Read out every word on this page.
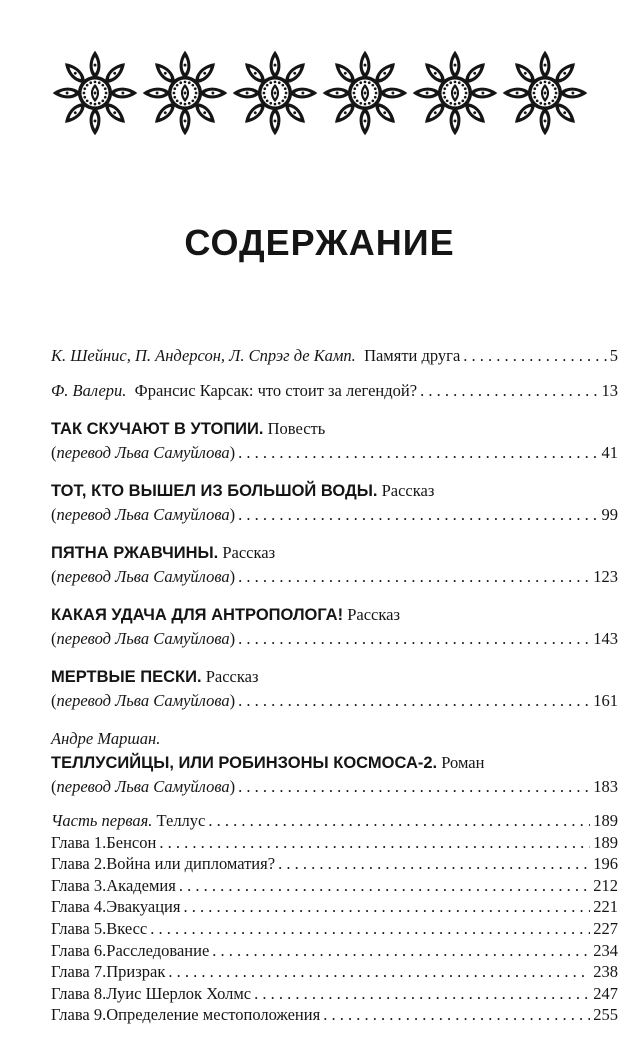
СОДЕРЖАНИЕ
К. Шейнис, П. Андерсон, Л. Спрэг де Камп.
Памяти друга . . .	5
Ф. Валери.
Франсис Карсак: что стоит за легендой? . . .	13
ТАК СКУЧАЮТ В УТОПИИ.
Повесть
( перевод Льва Самуйлова ) . . .	41
ТОТ, КТО ВЫШЕЛ ИЗ БОЛЬШОЙ ВОДЫ.
Рассказ
( перевод Льва Самуйлова ) . . .	99
ПЯТНА РЖАВЧИНЫ.
Рассказ
( перевод Льва Самуйлова ) . . .	123
КАКАЯ УДАЧА ДЛЯ АНТРОПОЛОГА!
Рассказ
( перевод Льва Самуйлова ) . . .	143
МЕРТВЫЕ ПЕСКИ.
Рассказ
( перевод Льва Самуйлова ) . . .	161
Андре Маршан.
ТЕЛЛУСИЙЦЫ, ИЛИ РОБИНЗОНЫ КОСМОСА-2.
Роман
( перевод Льва Самуйлова ) . . .	183
Часть первая.
Теллус . . .	189
Глава 1. Бенсон . . .	189
Глава 2. Война или дипломатия? . . .	196
Глава 3. Академия . . .	212
Глава 4. Эвакуация . . .	221
Глава 5. Вкесс . . .	227
Глава 6. Расследование . . .	234
Глава 7. Призрак . . .	238
Глава 8. Луис Шерлок Холмс . . .	247
Глава 9. Определение местоположения . . .	255
